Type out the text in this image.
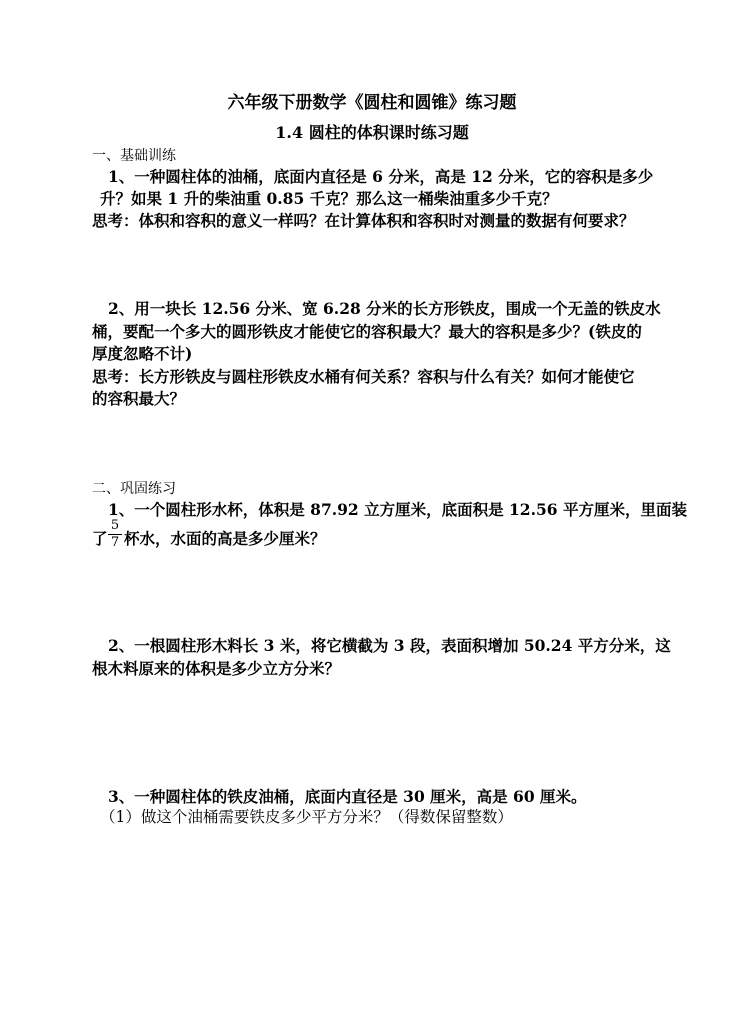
六年级下册数学《圆柱和圆锥》练习题
1.4 圆柱的体积课时练习题
一、基础训练
1、一种圆柱体的油桶，底面内直径是 6 分米，高是 12 分米，它的容积是多少
升？如果 1 升的柴油重 0.85 千克？那么这一桶柴油重多少千克？
思考：体积和容积的意义一样吗？在计算体积和容积时对测量的数据有何要求？
2、用一块长 12.56 分米、宽 6.28 分米的长方形铁皮，围成一个无盖的铁皮水
桶，要配一个多大的圆形铁皮才能使它的容积最大？最大的容积是多少？(铁皮的
厚度忽略不计)
思考：长方形铁皮与圆柱形铁皮水桶有何关系？容积与什么有关？如何才能使它
的容积最大？
二、巩固练习
1、一个圆柱形水杯，体积是 87.92 立方厘米，底面积是 12.56 平方厘米，里面装
了
5
7 杯水，水面的高是多少厘米？
2、一根圆柱形木料长 3 米，将它横截为 3 段，表面积增加 50.24 平方分米，这
根木料原来的体积是多少立方分米？
3、一种圆柱体的铁皮油桶，底面内直径是 30 厘米，高是 60 厘米。
（1）做这个油桶需要铁皮多少平方分米？（得数保留整数）
